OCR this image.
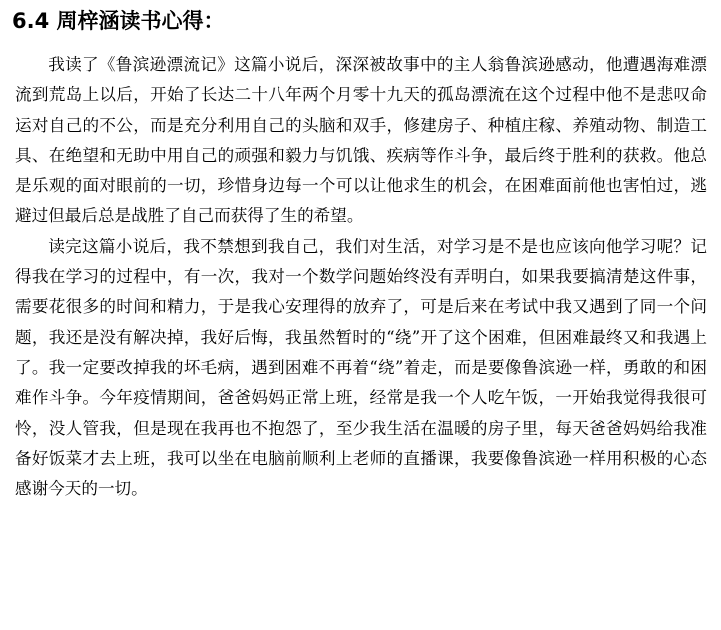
6.4 周梓涵读书心得：

我读了《鲁滨逊漂流记》这篇小说后，深深被故事中的主人翁鲁滨逊感动，他遭遇海难漂流到荒岛上以后，开始了长达二十八年两个月零十九天的孤岛漂流在这个过程中他不是悲叹命运对自己的不公，而是充分利用自己的头脑和双手，修建房子、种植庄稼、养殖动物、制造工具、在绝望和无助中用自己的顽强和毅力与饥饿、疾病等作斗争，最后终于胜利的获救。他总是乐观的面对眼前的一切，珍惜身边每一个可以让他求生的机会，在困难面前他也害怕过，逃避过但最后总是战胜了自己而获得了生的希望。

读完这篇小说后，我不禁想到我自己，我们对生活，对学习是不是也应该向他学习呢？记得我在学习的过程中，有一次，我对一个数学问题始终没有弄明白，如果我要搞清楚这件事，需要花很多的时间和精力，于是我心安理得的放弃了，可是后来在考试中我又遇到了同一个问题，我还是没有解决掉，我好后悔，我虽然暂时的“绕”开了这个困难，但困难最终又和我遇上了。我一定要改掉我的坏毛病，遇到困难不再着“绕”着走，而是要像鲁滨逊一样，勇敢的和困难作斗争。今年疫情期间，爸爸妈妈正常上班，经常是我一个人吃午饭，一开始我觉得我很可怜，没人管我，但是现在我再也不抱怨了，至少我生活在温暖的房子里，每天爸爸妈妈给我准备好饭菜才去上班，我可以坐在电脑前顺利上老师的直播课，我要像鲁滨逊一样用积极的心态感谢今天的一切。
